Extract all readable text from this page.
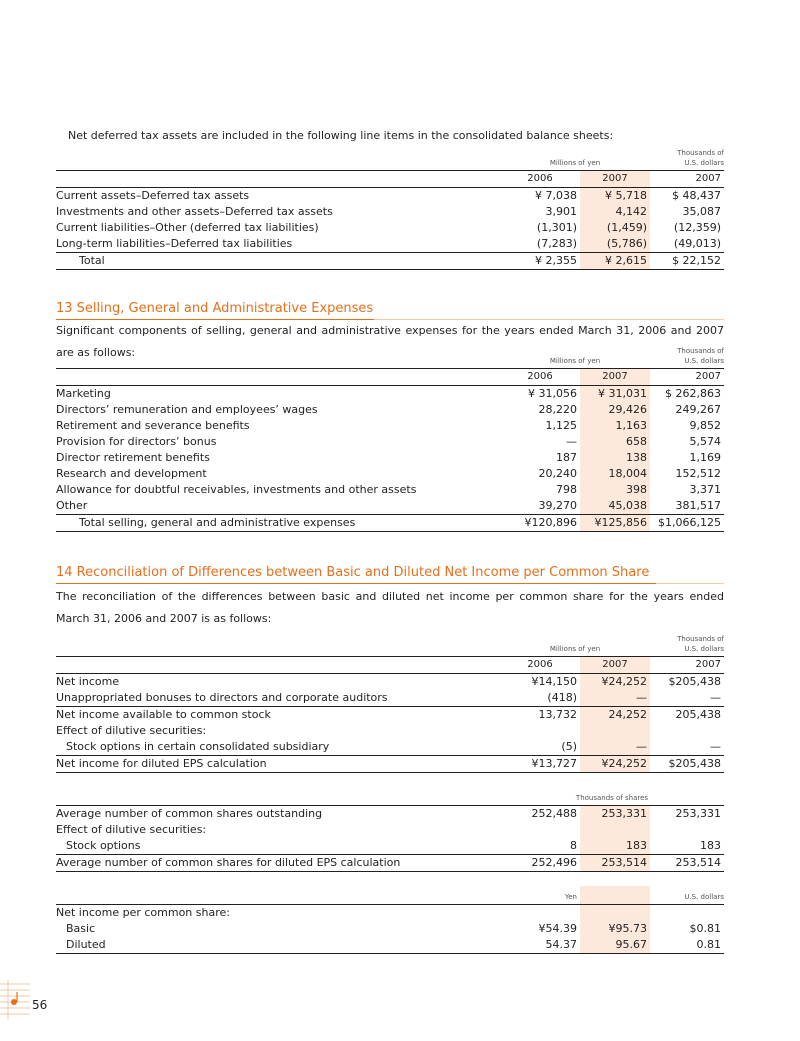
Net deferred tax assets are included in the following line items in the consolidated balance sheets:
Millions of yen
Thousands of
U.S. dollars
	2006	2007	2007
Current assets–Deferred tax assets	¥ 7,038	¥ 5,718	$ 48,437
Investments and other assets–Deferred tax assets	3,901	4,142	35,087
Current liabilities–Other (deferred tax liabilities)	(1,301)	(1,459)	(12,359)
Long-term liabilities–Deferred tax liabilities	(7,283)	(5,786)	(49,013)
Total	¥ 2,355	¥ 2,615	$ 22,152
13 Selling, General and Administrative Expenses
Significant components of selling, general and administrative expenses for the years ended March 31, 2006 and 2007 are as follows:
Millions of yen
Thousands of
U.S. dollars
	2006	2007	2007
Marketing	¥ 31,056	¥ 31,031	$ 262,863
Directors’ remuneration and employees’ wages	28,220	29,426	249,267
Retirement and severance benefits	1,125	1,163	9,852
Provision for directors’ bonus	—	658	5,574
Director retirement benefits	187	138	1,169
Research and development	20,240	18,004	152,512
Allowance for doubtful receivables, investments and other assets	798	398	3,371
Other	39,270	45,038	381,517
Total selling, general and administrative expenses	¥120,896	¥125,856	$1,066,125
14 Reconciliation of Differences between Basic and Diluted Net Income per Common Share
The reconciliation of the differences between basic and diluted net income per common share for the years ended March 31, 2006 and 2007 is as follows:
Millions of yen
Thousands of
U.S. dollars
	2006	2007	2007
Net income	¥14,150	¥24,252	$205,438
Unappropriated bonuses to directors and corporate auditors	(418)	—	—
Net income available to common stock	13,732	24,252	205,438
Effect of dilutive securities:			
Stock options in certain consolidated subsidiary	(5)	—	—
Net income for diluted EPS calculation	¥13,727	¥24,252	$205,438
Thousands of shares
Average number of common shares outstanding	252,488	253,331	253,331
Effect of dilutive securities:			
Stock options	8	183	183
Average number of common shares for diluted EPS calculation	252,496	253,514	253,514
Yen	U.S. dollars
Net income per common share:			
Basic	¥54.39	¥95.73	$0.81
Diluted	54.37	95.67	0.81
56
